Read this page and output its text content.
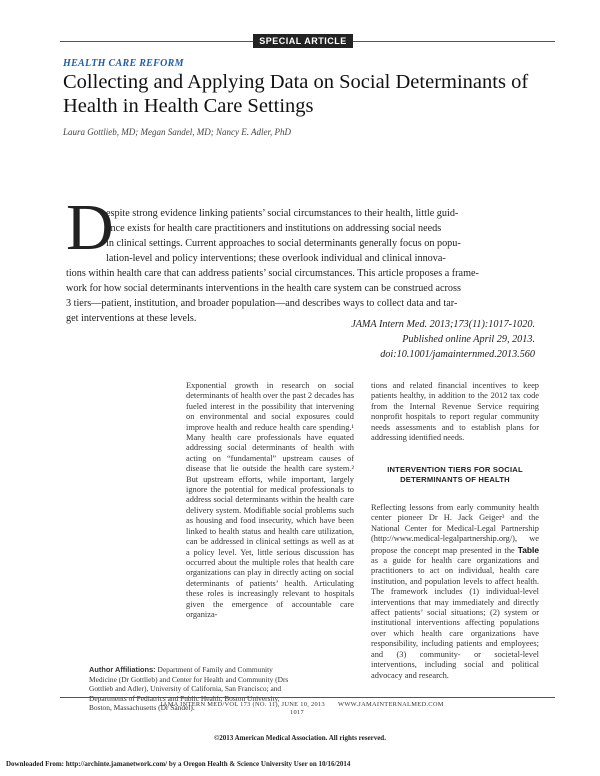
SPECIAL ARTICLE
HEALTH CARE REFORM
Collecting and Applying Data on Social Determinants of Health in Health Care Settings
Laura Gottlieb, MD; Megan Sandel, MD; Nancy E. Adler, PhD
D
espite strong evidence linking patients’ social circumstances to their health, little guid-
ance exists for health care practitioners and institutions on addressing social needs
in clinical settings. Current approaches to social determinants generally focus on popu-
lation-level and policy interventions; these overlook individual and clinical innova-
tions within health care that can address patients’ social circumstances. This article proposes a frame-
work for how social determinants interventions in the health care system can be construed across
3 tiers—patient, institution, and broader population—and describes ways to collect data and tar-
get interventions at these levels.
JAMA Intern Med. 2013;173(11):1017-1020.
Published online April 29, 2013.
doi:10.1001/jamainternmed.2013.560

Exponential growth in research on social determinants of health over the past 2 decades has fueled interest in the possibility that intervening on environmental and social exposures could improve health and reduce health care spending.¹ Many health care professionals have equated addressing social determinants of health with acting on “fundamental” upstream causes of disease that lie outside the health care system.² But upstream efforts, while important, largely ignore the potential for medical professionals to address social determinants within the health care delivery system. Modifiable social problems such as housing and food insecurity, which have been linked to health status and health care utilization, can be addressed in clinical settings as well as at a policy level. Yet, little serious discussion has occurred about the multiple roles that health care organizations can play in directly acting on social determinants of patients’ health. Articulating these roles is increasingly relevant to hospitals given the emergence of accountable care organiza-

tions and related financial incentives to keep patients healthy, in addition to the 2012 tax code from the Internal Revenue Service requiring nonprofit hospitals to report regular community needs assessments and to establish plans for addressing identified needs.

INTERVENTION TIERS FOR SOCIAL DETERMINANTS OF HEALTH

Reflecting lessons from early community health center pioneer Dr H. Jack Geiger³ and the National Center for Medical-Legal Partnership (http://www.medical-legalpartnership.org/), we propose the concept map presented in the Table as a guide for health care organizations and practitioners to act on individual, health care institution, and population levels to affect health. The framework includes (1) individual-level interventions that may immediately and directly affect patients’ social situations; (2) system or institutional interventions affecting populations over which health care organizations have responsibility, including patients and employees; and (3) community- or societal-level interventions, including social and political advocacy and research.

Author Affiliations: Department of Family and Community Medicine (Dr Gottlieb) and Center for Health and Community (Drs Gottlieb and Adler), University of California, San Francisco; and Departments of Pediatrics and Public Health, Boston University, Boston, Massachusetts (Dr Sandel).
JAMA INTERN MED/VOL 173 (NO. 11), JUNE 10, 2013 WWW.JAMAINTERNALMED.COM
1017
©2013 American Medical Association. All rights reserved.
Downloaded From: http://archinte.jamanetwork.com/ by a Oregon Health & Science University User on 10/16/2014
